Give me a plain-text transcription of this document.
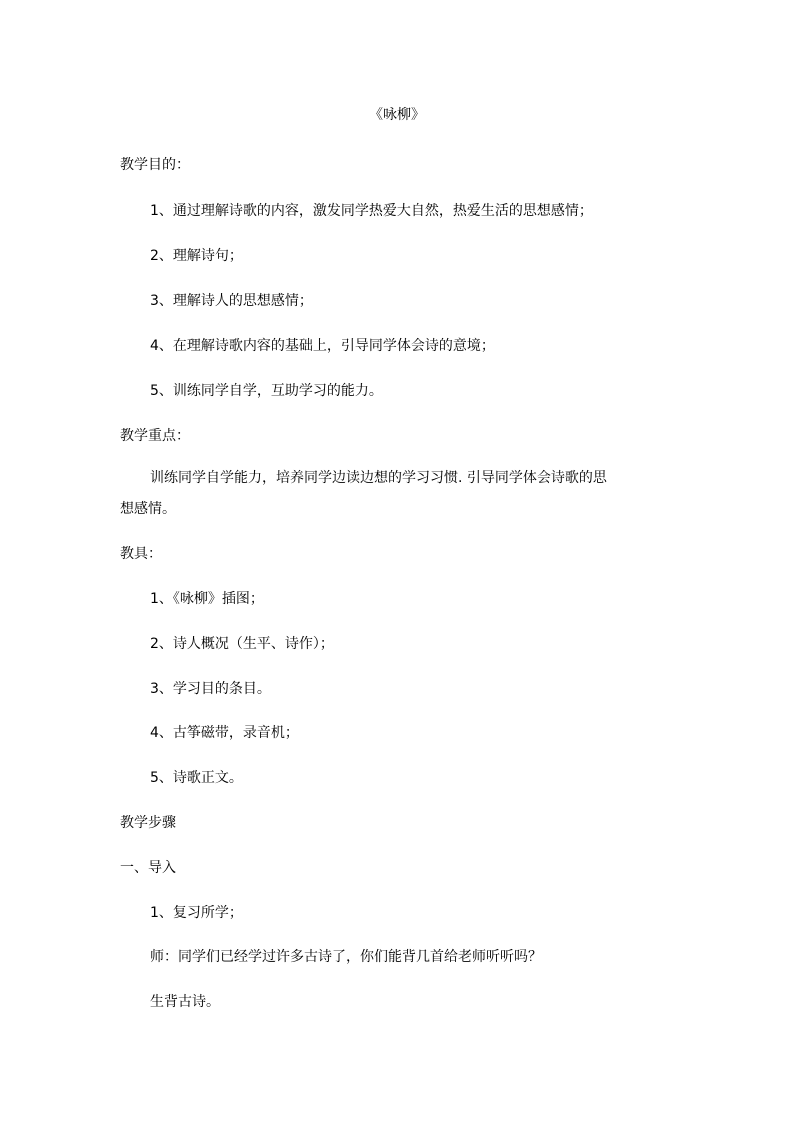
《咏柳》
教学目的：
1、通过理解诗歌的内容，激发同学热爱大自然，热爱生活的思想感情；
2、理解诗句；
3、理解诗人的思想感情；
4、在理解诗歌内容的基础上，引导同学体会诗的意境；
5、训练同学自学，互助学习的能力。
教学重点：
训练同学自学能力，培养同学边读边想的学习习惯. 引导同学体会诗歌的思
想感情。
教具：
1、《咏柳》插图；
2、诗人概况（生平、诗作）；
3、学习目的条目。
4、古筝磁带，录音机；
5、诗歌正文。
教学步骤
一、导入
1、复习所学；
师：同学们已经学过许多古诗了，你们能背几首给老师听听吗？
生背古诗。
